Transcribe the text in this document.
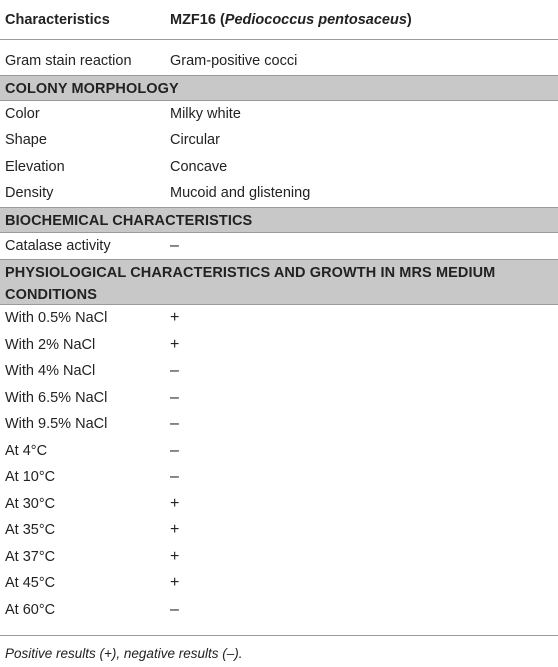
Characteristics	MZF16 (Pediococcus pentosaceus)
Gram stain reaction	Gram-positive cocci
COLONY MORPHOLOGY
Color	Milky white
Shape	Circular
Elevation	Concave
Density	Mucoid and glistening
BIOCHEMICAL CHARACTERISTICS
Catalase activity	–
PHYSIOLOGICAL CHARACTERISTICS AND GROWTH IN MRS MEDIUM CONDITIONS
With 0.5% NaCl	+
With 2% NaCl	+
With 4% NaCl	–
With 6.5% NaCl	–
With 9.5% NaCl	–
At 4°C	–
At 10°C	–
At 30°C	+
At 35°C	+
At 37°C	+
At 45°C	+
At 60°C	–
Positive results (+), negative results (–).
